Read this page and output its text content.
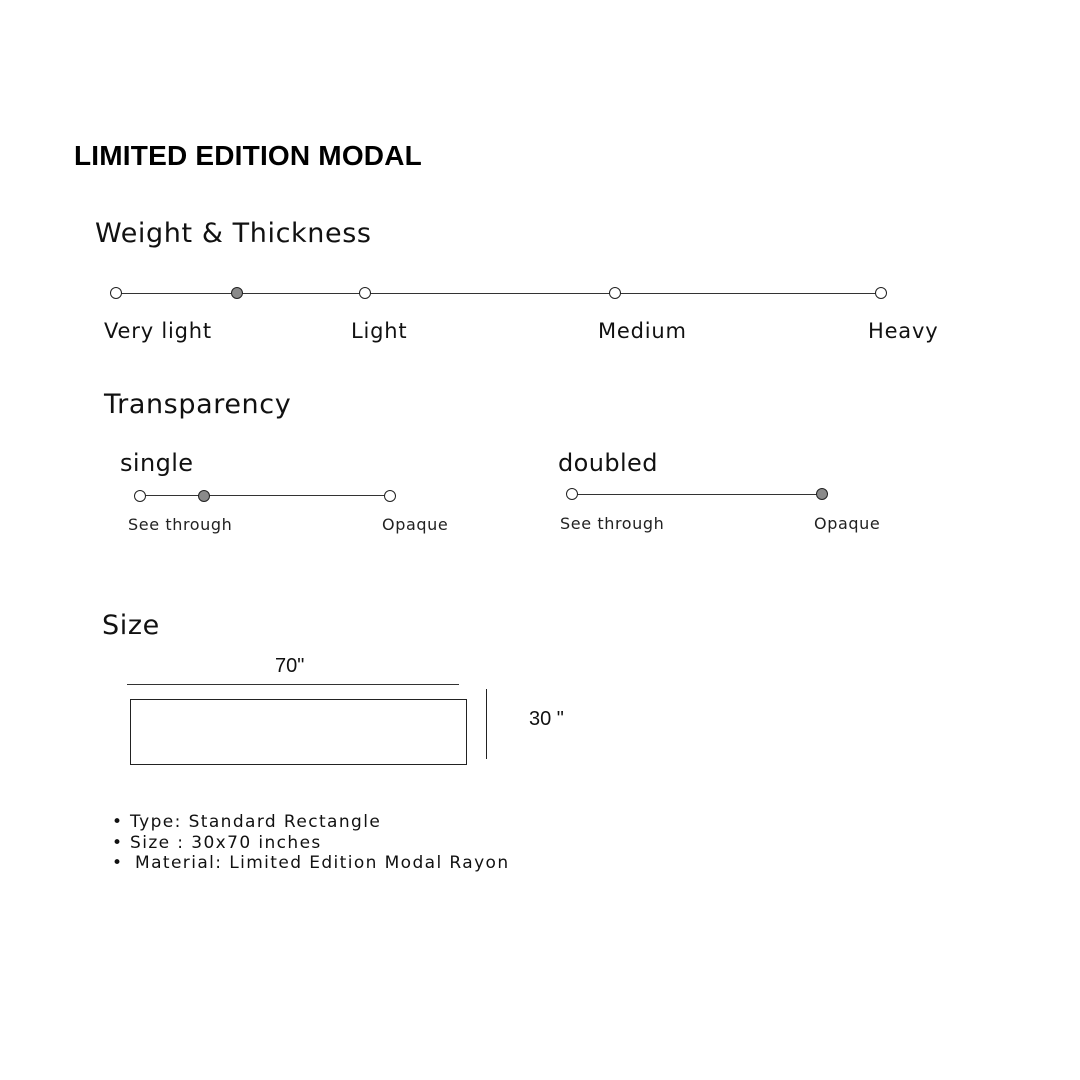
LIMITED EDITION MODAL
Weight & Thickness
Very light	Light	Medium	Heavy
Transparency
single
See through	Opaque
doubled
See through	Opaque
Size
70"
30 "
• Type: Standard Rectangle
• Size : 30x70 inches
• Material: Limited Edition Modal Rayon
